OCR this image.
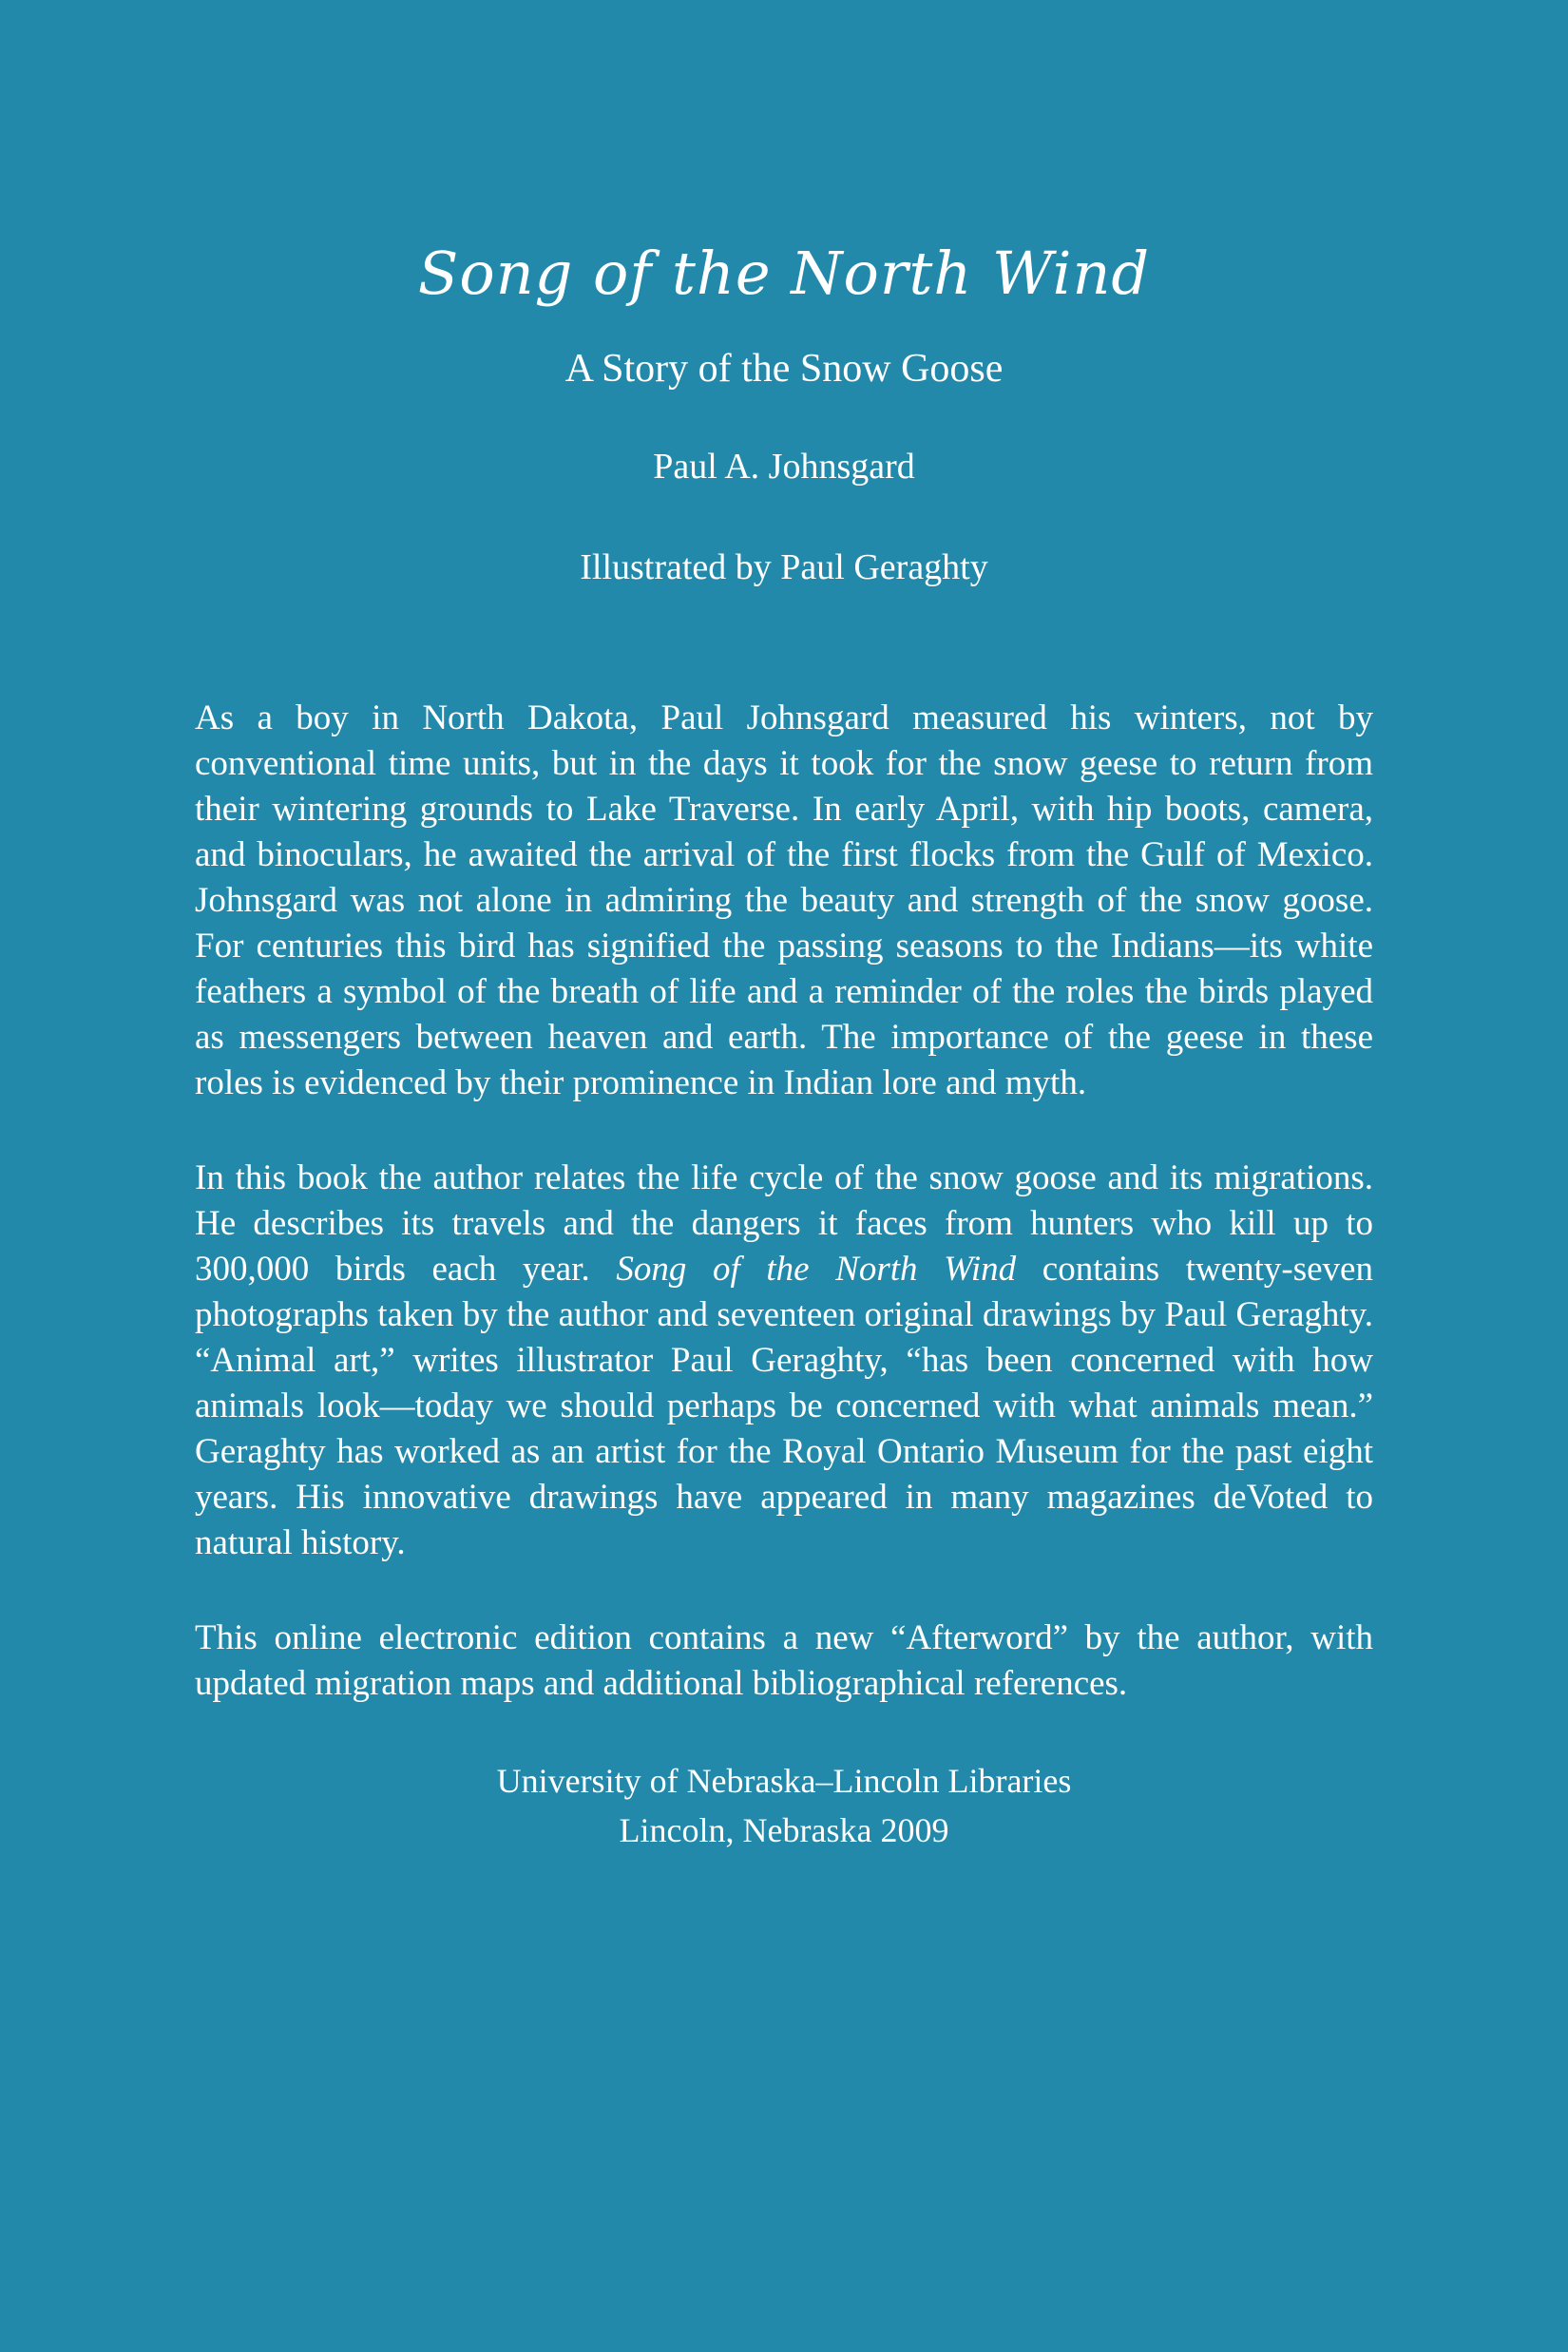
Song of the North Wind

A Story of the Snow Goose

Paul A. Johnsgard

Illustrated by Paul Geraghty

As a boy in North Dakota, Paul Johnsgard measured his winters, not by conventional time units, but in the days it took for the snow geese to return from their wintering grounds to Lake Traverse. In early April, with hip boots, camera, and binoculars, he awaited the arrival of the first flocks from the Gulf of Mexico. Johnsgard was not alone in admiring the beauty and strength of the snow goose. For centuries this bird has signified the passing seasons to the Indians—its white feathers a symbol of the breath of life and a reminder of the roles the birds played as messengers between heaven and earth. The importance of the geese in these roles is evidenced by their prominence in Indian lore and myth.

In this book the author relates the life cycle of the snow goose and its migrations. He describes its travels and the dangers it faces from hunters who kill up to 300,000 birds each year. Song of the North Wind contains twenty-seven photographs taken by the author and seventeen original drawings by Paul Geraghty. “Animal art,” writes illustrator Paul Geraghty, “has been concerned with how animals look—today we should perhaps be concerned with what animals mean.” Geraghty has worked as an artist for the Royal Ontario Museum for the past eight years. His innovative drawings have appeared in many magazines deVoted to natural history.

This online electronic edition contains a new “Afterword” by the author, with updated migration maps and additional bibliographical references.

University of Nebraska–Lincoln Libraries
Lincoln, Nebraska 2009
